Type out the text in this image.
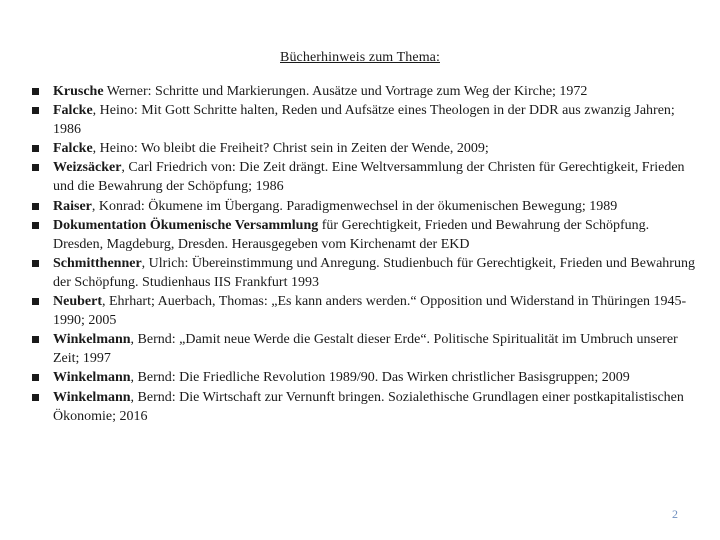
Bücherhinweis zum Thema:
Krusche Werner: Schritte und Markierungen. Ausätze und Vortrage zum Weg der Kirche; 1972
Falcke, Heino: Mit Gott Schritte halten, Reden und Aufsätze eines Theologen in der DDR aus zwanzig Jahren; 1986
Falcke, Heino: Wo bleibt die Freiheit? Christ sein in Zeiten der Wende, 2009;
Weizsäcker, Carl Friedrich von: Die Zeit drängt. Eine Weltversammlung der Christen für Gerechtigkeit, Frieden und die Bewahrung der Schöpfung; 1986
Raiser, Konrad: Ökumene im Übergang. Paradigmenwechsel in der ökumenischen Bewegung; 1989
Dokumentation Ökumenische Versammlung für Gerechtigkeit, Frieden und Bewahrung der Schöpfung. Dresden, Magdeburg, Dresden. Herausgegeben vom Kirchenamt der EKD
Schmitthenner, Ulrich: Übereinstimmung und Anregung. Studienbuch für Gerechtigkeit, Frieden und Bewahrung der Schöpfung. Studienhaus IIS Frankfurt 1993
Neubert, Ehrhart; Auerbach, Thomas: „Es kann anders werden.“ Opposition und Widerstand in Thüringen 1945-1990; 2005
Winkelmann, Bernd: „Damit neue Werde die Gestalt dieser Erde“. Politische Spiritualität im Umbruch unserer Zeit; 1997
Winkelmann, Bernd: Die Friedliche Revolution 1989/90. Das Wirken christlicher Basisgruppen; 2009
Winkelmann, Bernd: Die Wirtschaft zur Vernunft bringen. Sozialethische Grundlagen einer postkapitalistischen Ökonomie; 2016
2
